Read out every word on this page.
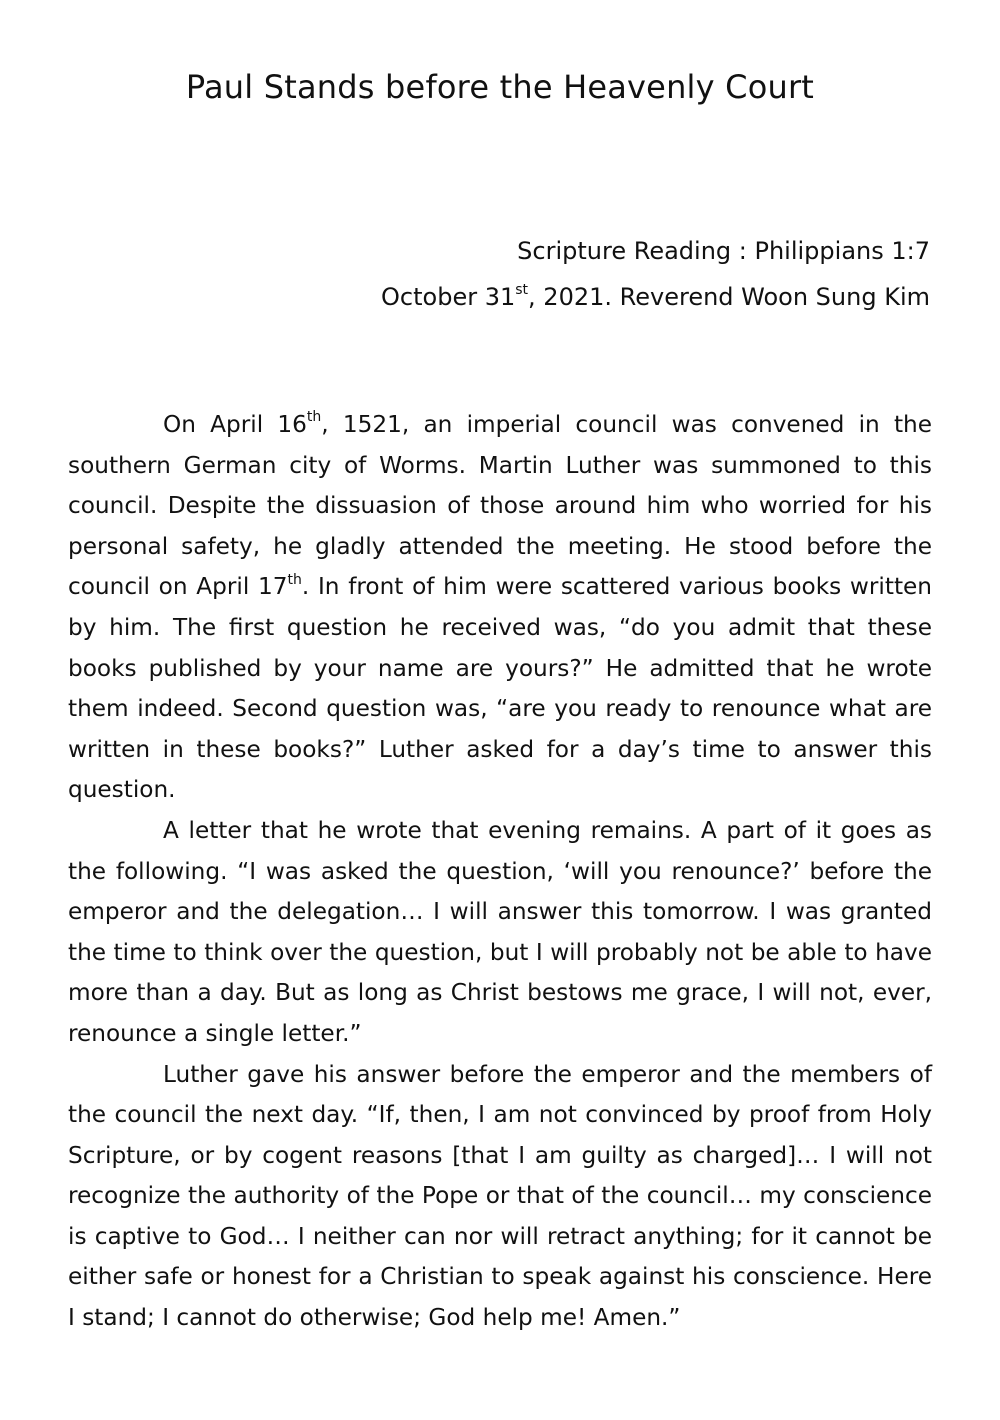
Paul Stands before the Heavenly Court
Scripture Reading : Philippians 1:7
October 31st, 2021. Reverend Woon Sung Kim

On April 16th, 1521, an imperial council was convened in the southern German city of Worms. Martin Luther was summoned to this council. Despite the dissuasion of those around him who worried for his personal safety, he gladly attended the meeting. He stood before the council on April 17th. In front of him were scattered various books written by him. The first question he received was, “do you admit that these books published by your name are yours?” He admitted that he wrote them indeed. Second question was, “are you ready to renounce what are written in these books?” Luther asked for a day’s time to answer this question.

A letter that he wrote that evening remains. A part of it goes as the following. “I was asked the question, ‘will you renounce?’ before the emperor and the delegation… I will answer this tomorrow. I was granted the time to think over the question, but I will probably not be able to have more than a day. But as long as Christ bestows me grace, I will not, ever, renounce a single letter.”

Luther gave his answer before the emperor and the members of the council the next day. “If, then, I am not convinced by proof from Holy Scripture, or by cogent reasons [that I am guilty as charged]… I will not recognize the authority of the Pope or that of the council… my conscience is captive to God… I neither can nor will retract anything; for it cannot be either safe or honest for a Christian to speak against his conscience. Here I stand; I cannot do otherwise; God help me! Amen.”
